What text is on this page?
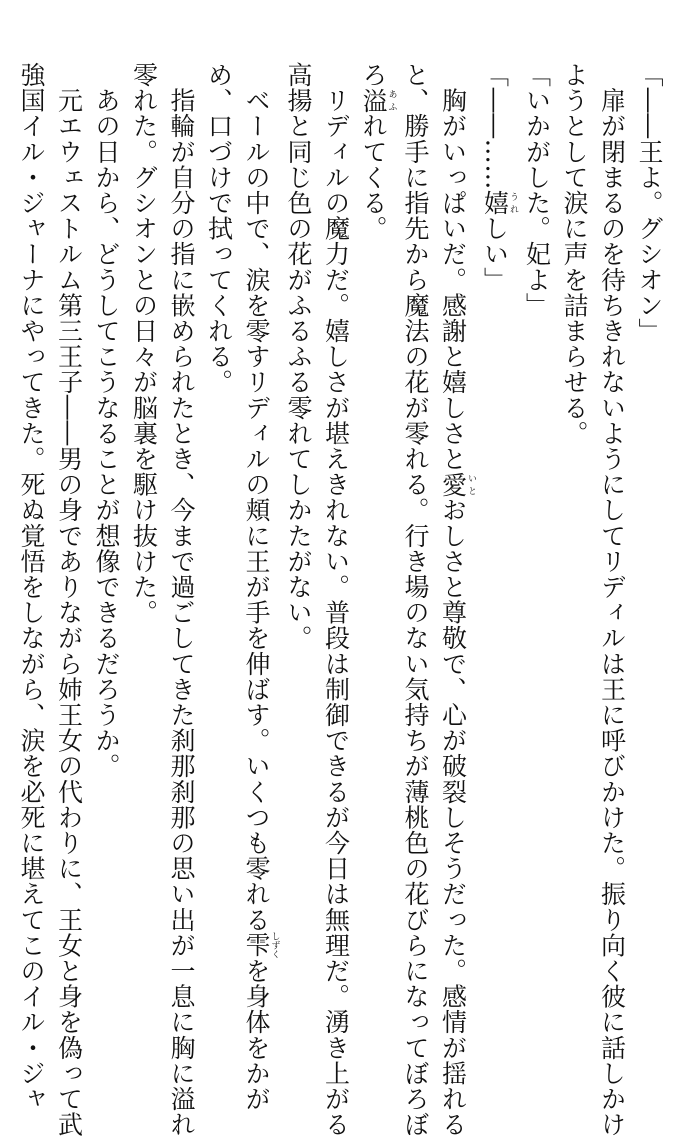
「――王よ。グシオン」
　扉が閉まるのを待ちきれないようにしてリディルは王に呼びかけた。振り向く彼に話しかけ
ようとして涙に声を詰まらせる。
「いかがした。妃よ」
「――……嬉うれしい」
　胸がいっぱいだ。感謝と嬉しさと愛いとおしさと尊敬で、心が破裂しそうだった。感情が揺れる
と、勝手に指先から魔法の花が零れる。行き場のない気持ちが薄桃色の花びらになってぼろぼ
ろ溢あふれてくる。
　リディルの魔力だ。嬉しさが堪えきれない。普段は制御できるが今日は無理だ。湧き上がる
高揚と同じ色の花がふるふる零れてしかたがない。
　ベールの中で、涙を零すリディルの頬に王が手を伸ばす。いくつも零れる雫しずくを身体をかが
め、口づけで拭ってくれる。
　指輪が自分の指に嵌められたとき、今まで過ごしてきた刹那刹那の思い出が一息に胸に溢れ
零れた。グシオンとの日々が脳裏を駆け抜けた。
　あの日から、どうしてこうなることが想像できるだろうか。
　元エウェストルム第三王子――男の身でありながら姉王女の代わりに、王女と身を偽って武
強国イル・ジャーナにやってきた。死ぬ覚悟をしながら、涙を必死に堪えてこのイル・ジャ
